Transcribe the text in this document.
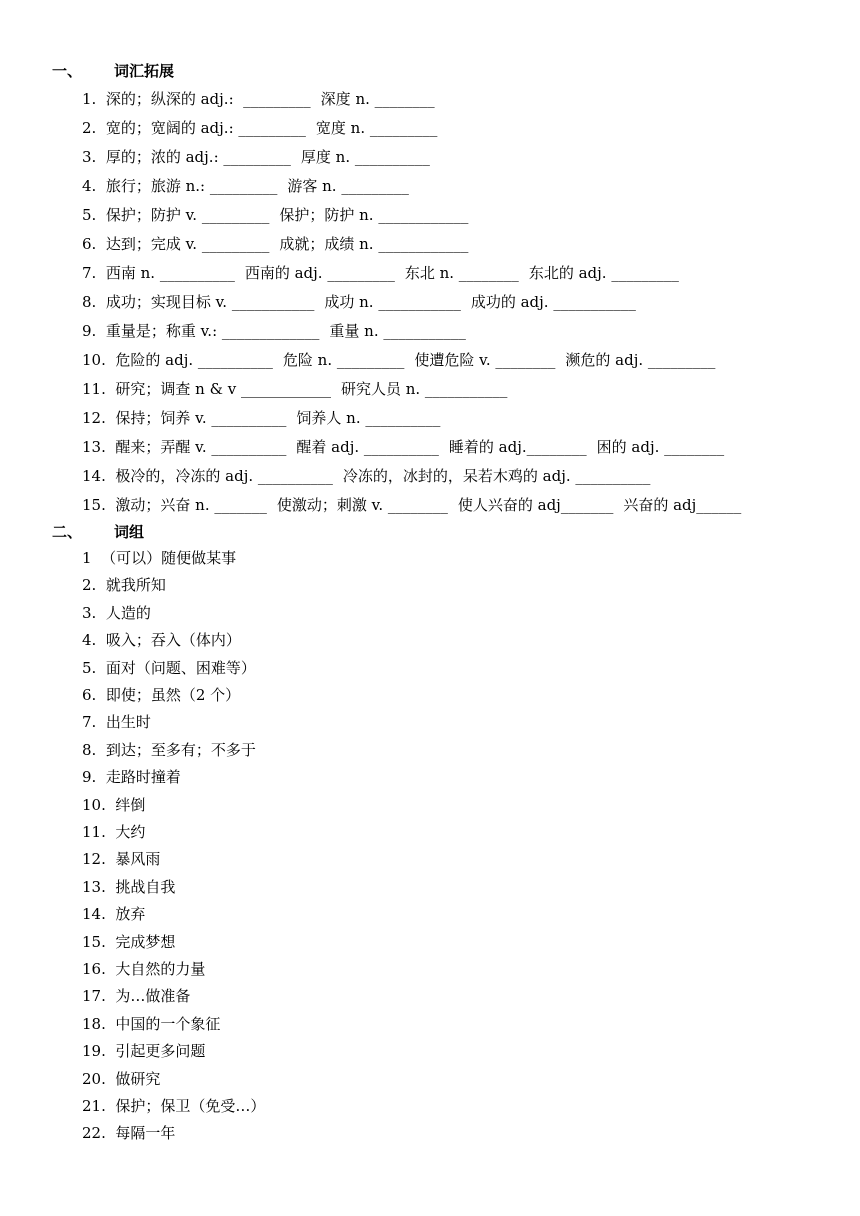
一、 词汇拓展
1.  深的；纵深的 adj.:  _________ 深度 n. ________
2.  宽的；宽阔的 adj.: _________ 宽度 n. _________
3.  厚的；浓的 adj.: _________ 厚度 n. __________
4.  旅行；旅游 n.: _________ 游客 n. _________
5.  保护；防护 v. _________ 保护；防护 n. ____________
6.  达到；完成 v. _________ 成就；成绩 n. ____________
7.  西南 n. __________ 西南的 adj. _________ 东北 n. ________ 东北的 adj. _________
8.  成功；实现目标 v. ___________ 成功 n. ___________ 成功的 adj. ___________
9.  重量是；称重 v.: _____________ 重量 n. ___________
10.  危险的 adj. __________ 危险 n. _________ 使遭危险 v. ________ 濒危的 adj. _________
11.  研究；调查 n & v ____________ 研究人员 n. ___________
12.  保持；饲养 v. __________ 饲养人 n. __________
13.  醒来；弄醒 v. __________ 醒着 adj. __________ 睡着的 adj.________ 困的 adj. ________
14.  极冷的，冷冻的 adj. __________ 冷冻的，冰封的，呆若木鸡的 adj. __________
15.  激动；兴奋 n. _______ 使激动；刺激 v. ________ 使人兴奋的 adj_______ 兴奋的 adj______
二、 词组
1  （可以）随便做某事
2.  就我所知
3.  人造的
4.  吸入；吞入（体内）
5.  面对（问题、困难等）
6.  即使；虽然（2 个）
7.  出生时
8.  到达；至多有；不多于
9.  走路时撞着
10.  绊倒
11.  大约
12.  暴风雨
13.  挑战自我
14.  放弃
15.  完成梦想
16.  大自然的力量
17.  为…做准备
18.  中国的一个象征
19.  引起更多问题
20.  做研究
21.  保护；保卫（免受…）
22.  每隔一年
